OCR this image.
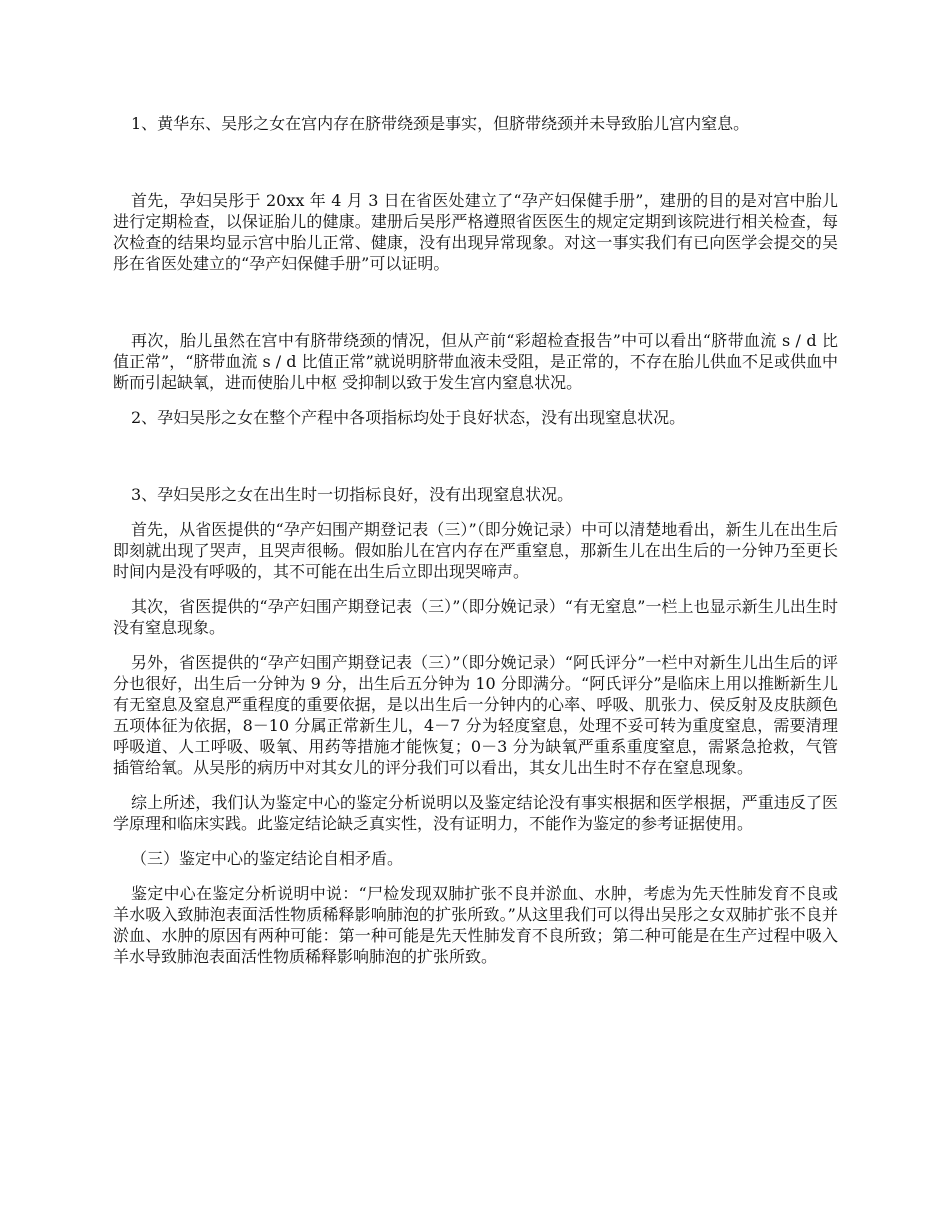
1、黄华东、吴彤之女在宫内存在脐带绕颈是事实，但脐带绕颈并未导致胎儿宫内窒息。

首先，孕妇吴彤于 20xx 年 4 月 3 日在省医处建立了“孕产妇保健手册”，建册的目的是对宫中胎儿进行定期检查，以保证胎儿的健康。建册后吴彤严格遵照省医医生的规定定期到该院进行相关检查，每次检查的结果均显示宫中胎儿正常、健康，没有出现异常现象。对这一事实我们有已向医学会提交的吴彤在省医处建立的“孕产妇保健手册”可以证明。

再次，胎儿虽然在宫中有脐带绕颈的情况，但从产前“彩超检查报告”中可以看出“脐带血流 s / d 比值正常”，“脐带血流 s / d 比值正常”就说明脐带血液未受阻，是正常的，不存在胎儿供血不足或供血中断而引起缺氧，进而使胎儿中枢 受抑制以致于发生宫内窒息状况。

2、孕妇吴彤之女在整个产程中各项指标均处于良好状态，没有出现窒息状况。

3、孕妇吴彤之女在出生时一切指标良好，没有出现窒息状况。

首先，从省医提供的“孕产妇围产期登记表（三）”（即分娩记录）中可以清楚地看出，新生儿在出生后即刻就出现了哭声，且哭声很畅。假如胎儿在宫内存在严重窒息，那新生儿在出生后的一分钟乃至更长时间内是没有呼吸的，其不可能在出生后立即出现哭啼声。

其次，省医提供的“孕产妇围产期登记表（三）”（即分娩记录）“有无窒息”一栏上也显示新生儿出生时没有窒息现象。

另外，省医提供的“孕产妇围产期登记表（三）”（即分娩记录）“阿氏评分”一栏中对新生儿出生后的评分也很好，出生后一分钟为 9 分，出生后五分钟为 10 分即满分。“阿氏评分”是临床上用以推断新生儿有无窒息及窒息严重程度的重要依据，是以出生后一分钟内的心率、呼吸、肌张力、侯反射及皮肤颜色五项体征为依据，8－10 分属正常新生儿，4－7 分为轻度窒息，处理不妥可转为重度窒息，需要清理呼吸道、人工呼吸、吸氧、用药等措施才能恢复；0－3 分为缺氧严重系重度窒息，需紧急抢救，气管插管给氧。从吴彤的病历中对其女儿的评分我们可以看出，其女儿出生时不存在窒息现象。

综上所述，我们认为鉴定中心的鉴定分析说明以及鉴定结论没有事实根据和医学根据，严重违反了医学原理和临床实践。此鉴定结论缺乏真实性，没有证明力，不能作为鉴定的参考证据使用。

（三）鉴定中心的鉴定结论自相矛盾。

鉴定中心在鉴定分析说明中说：“尸检发现双肺扩张不良并淤血、水肿，考虑为先天性肺发育不良或羊水吸入致肺泡表面活性物质稀释影响肺泡的扩张所致。”从这里我们可以得出吴彤之女双肺扩张不良并淤血、水肿的原因有两种可能：第一种可能是先天性肺发育不良所致；第二种可能是在生产过程中吸入羊水导致肺泡表面活性物质稀释影响肺泡的扩张所致。
